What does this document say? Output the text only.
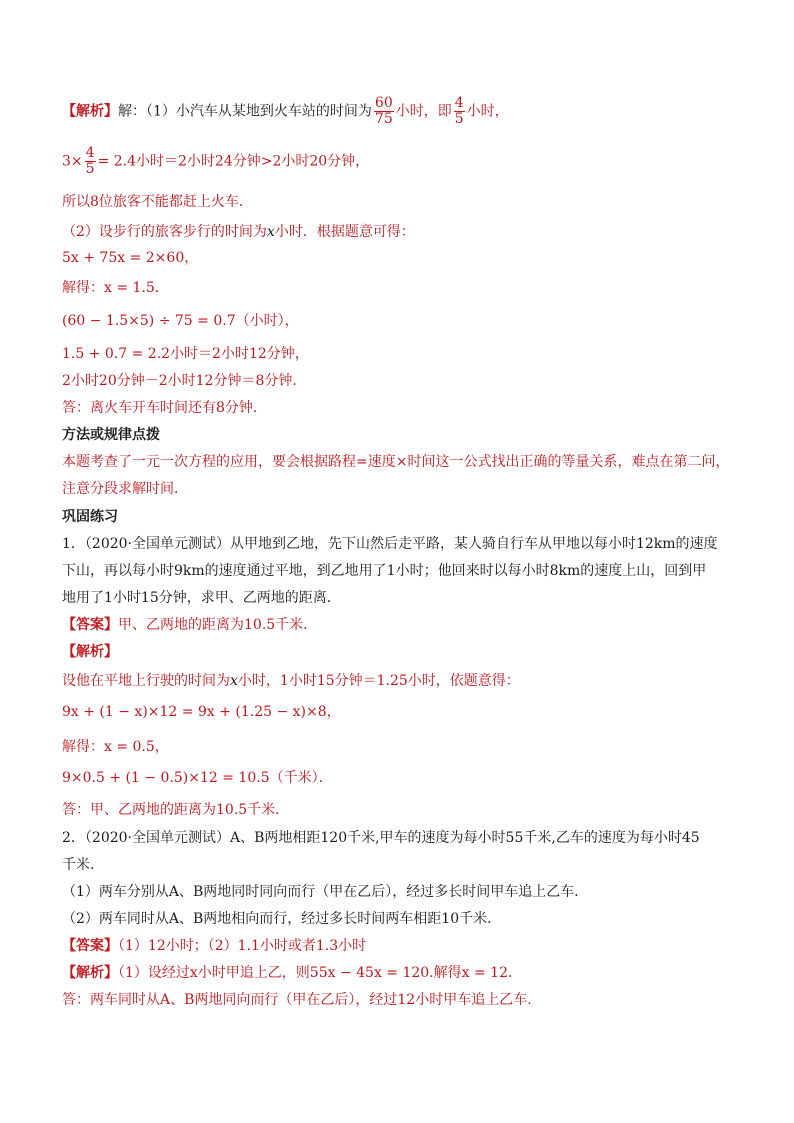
【解析】解：（1）小汽车从某地到火车站的时间为 $\frac{60}{75}$ 小时，即 $\frac{4}{5}$ 小时，
$3\times \frac{4}{5} = 2.4$小时＝2小时24分钟>2小时20分钟，
所以8位旅客不能都赶上火车．
（2）设步行的旅客步行的时间为x小时．根据题意可得：
5x + 75x = 2×60，
解得：x = 1.5．
(60 − 1.5×5) ÷ 75 = 0.7（小时），
1.5 + 0.7 = 2.2小时＝2小时12分钟，
2小时20分钟－2小时12分钟＝8分钟．
答：离火车开车时间还有8分钟．
方法或规律点拨
本题考查了一元一次方程的应用，要会根据路程=速度×时间这一公式找出正确的等量关系，难点在第二问，
注意分段求解时间．
巩固练习
1．（2020·全国单元测试）从甲地到乙地，先下山然后走平路，某人骑自行车从甲地以每小时12km的速度
下山，再以每小时9km的速度通过平地，到乙地用了1小时；他回来时以每小时8km的速度上山，回到甲
地用了1小时15分钟，求甲、乙两地的距离．
【答案】甲、乙两地的距离为10.5千米．
【解析】
设他在平地上行驶的时间为x小时，1小时15分钟＝1.25小时，依题意得：
9x + (1 − x)×12 = 9x + (1.25 − x)×8，
解得：x = 0.5，
9×0.5 + (1 − 0.5)×12 = 10.5（千米）．
答：甲、乙两地的距离为10.5千米．
2．（2020·全国单元测试）A、B两地相距120千米,甲车的速度为每小时55千米,乙车的速度为每小时45
千米．
（1）两车分别从A、B两地同时同向而行（甲在乙后），经过多长时间甲车追上乙车．
（2）两车同时从A、B两地相向而行，经过多长时间两车相距10千米．
【答案】（1）12小时；（2）1.1小时或者1.3小时
【解析】（1）设经过x小时甲追上乙，则55x − 45x = 120.解得x = 12．
答：两车同时从A、B两地同向而行（甲在乙后），经过12小时甲车追上乙车.
